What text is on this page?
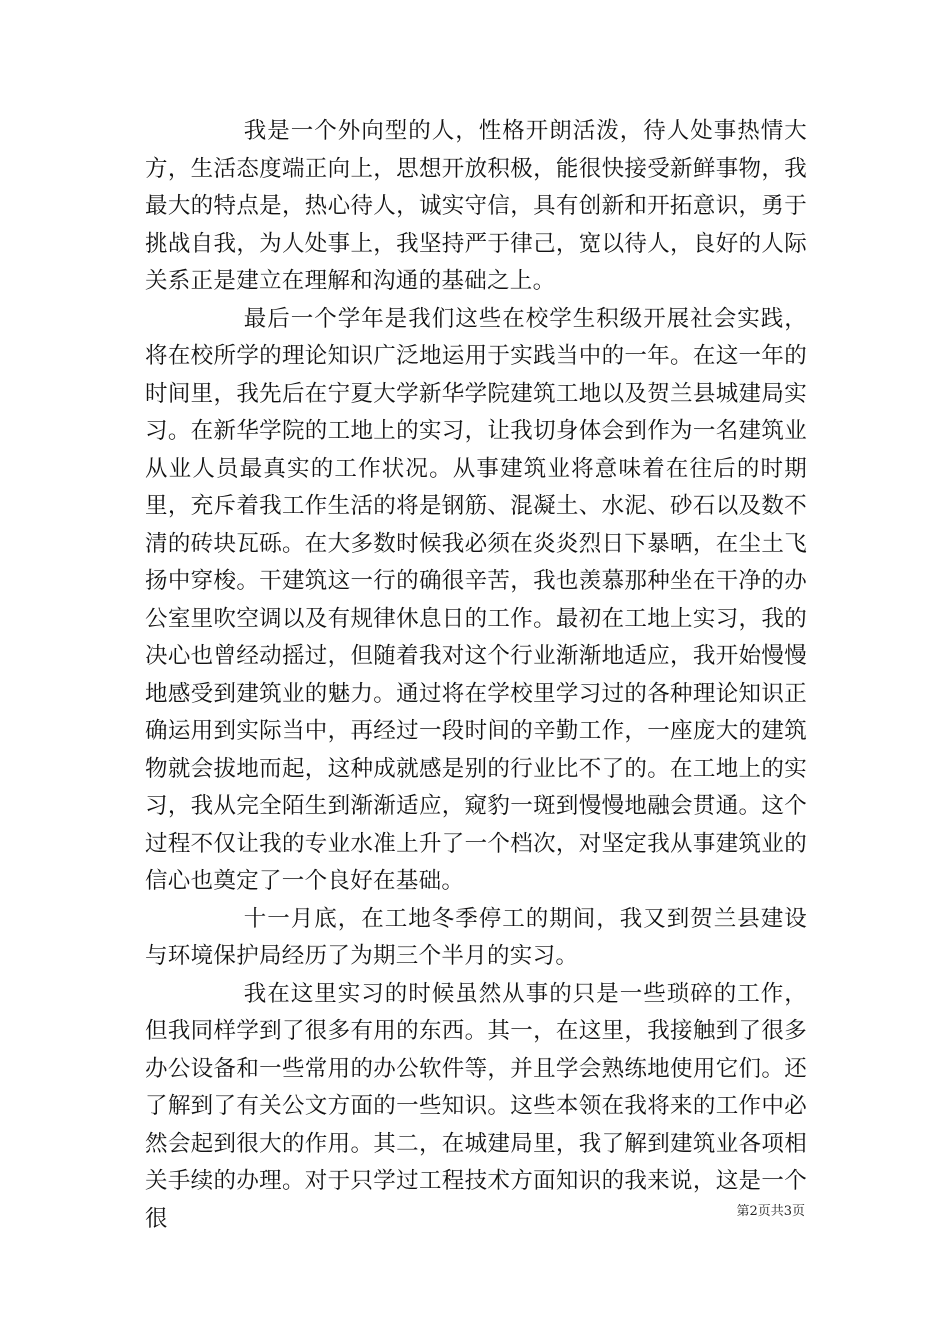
我是一个外向型的人，性格开朗活泼，待人处事热情大方，生活态度端正向上，思想开放积极，能很快接受新鲜事物，我最大的特点是，热心待人，诚实守信，具有创新和开拓意识，勇于挑战自我，为人处事上，我坚持严于律己，宽以待人，良好的人际关系正是建立在理解和沟通的基础之上。

最后一个学年是我们这些在校学生积级开展社会实践，将在校所学的理论知识广泛地运用于实践当中的一年。在这一年的时间里，我先后在宁夏大学新华学院建筑工地以及贺兰县城建局实习。在新华学院的工地上的实习，让我切身体会到作为一名建筑业从业人员最真实的工作状况。从事建筑业将意味着在往后的时期里，充斥着我工作生活的将是钢筋、混凝土、水泥、砂石以及数不清的砖块瓦砾。在大多数时候我必须在炎炎烈日下暴晒，在尘土飞扬中穿梭。干建筑这一行的确很辛苦，我也羡慕那种坐在干净的办公室里吹空调以及有规律休息日的工作。最初在工地上实习，我的决心也曾经动摇过，但随着我对这个行业渐渐地适应，我开始慢慢地感受到建筑业的魅力。通过将在学校里学习过的各种理论知识正确运用到实际当中，再经过一段时间的辛勤工作，一座庞大的建筑物就会拔地而起，这种成就感是别的行业比不了的。在工地上的实习，我从完全陌生到渐渐适应，窥豹一斑到慢慢地融会贯通。这个过程不仅让我的专业水准上升了一个档次，对坚定我从事建筑业的信心也奠定了一个良好在基础。

十一月底，在工地冬季停工的期间，我又到贺兰县建设与环境保护局经历了为期三个半月的实习。

我在这里实习的时候虽然从事的只是一些琐碎的工作，但我同样学到了很多有用的东西。其一，在这里，我接触到了很多办公设备和一些常用的办公软件等，并且学会熟练地使用它们。还了解到了有关公文方面的一些知识。这些本领在我将来的工作中必然会起到很大的作用。其二，在城建局里，我了解到建筑业各项相关手续的办理。对于只学过工程技术方面知识的我来说，这是一个很	第2页共3页
